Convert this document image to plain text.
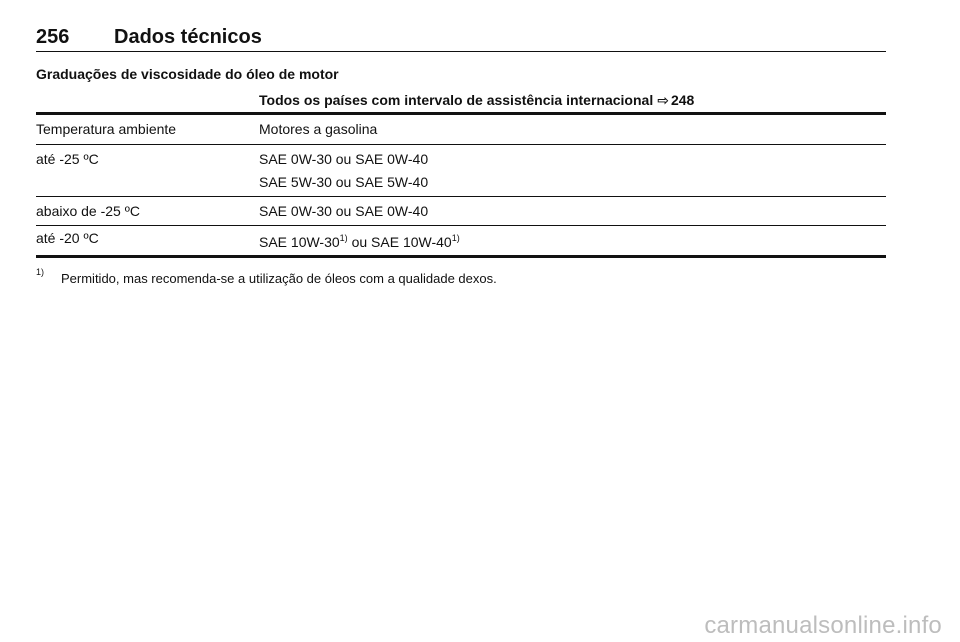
256 Dados técnicos
Graduações de viscosidade do óleo de motor
Todos os países com intervalo de assistência internacional ⇨ 248
Temperatura ambiente	Motores a gasolina
até -25 ºC	SAE 0W-30 ou SAE 0W-40
SAE 5W-30 ou SAE 5W-40
abaixo de -25 ºC	SAE 0W-30 ou SAE 0W-40
até -20 ºC	SAE 10W-30$^{1)}$ ou SAE 10W-40$^{1)}$
1) Permitido, mas recomenda-se a utilização de óleos com a qualidade dexos.
carmanualsonline.info
